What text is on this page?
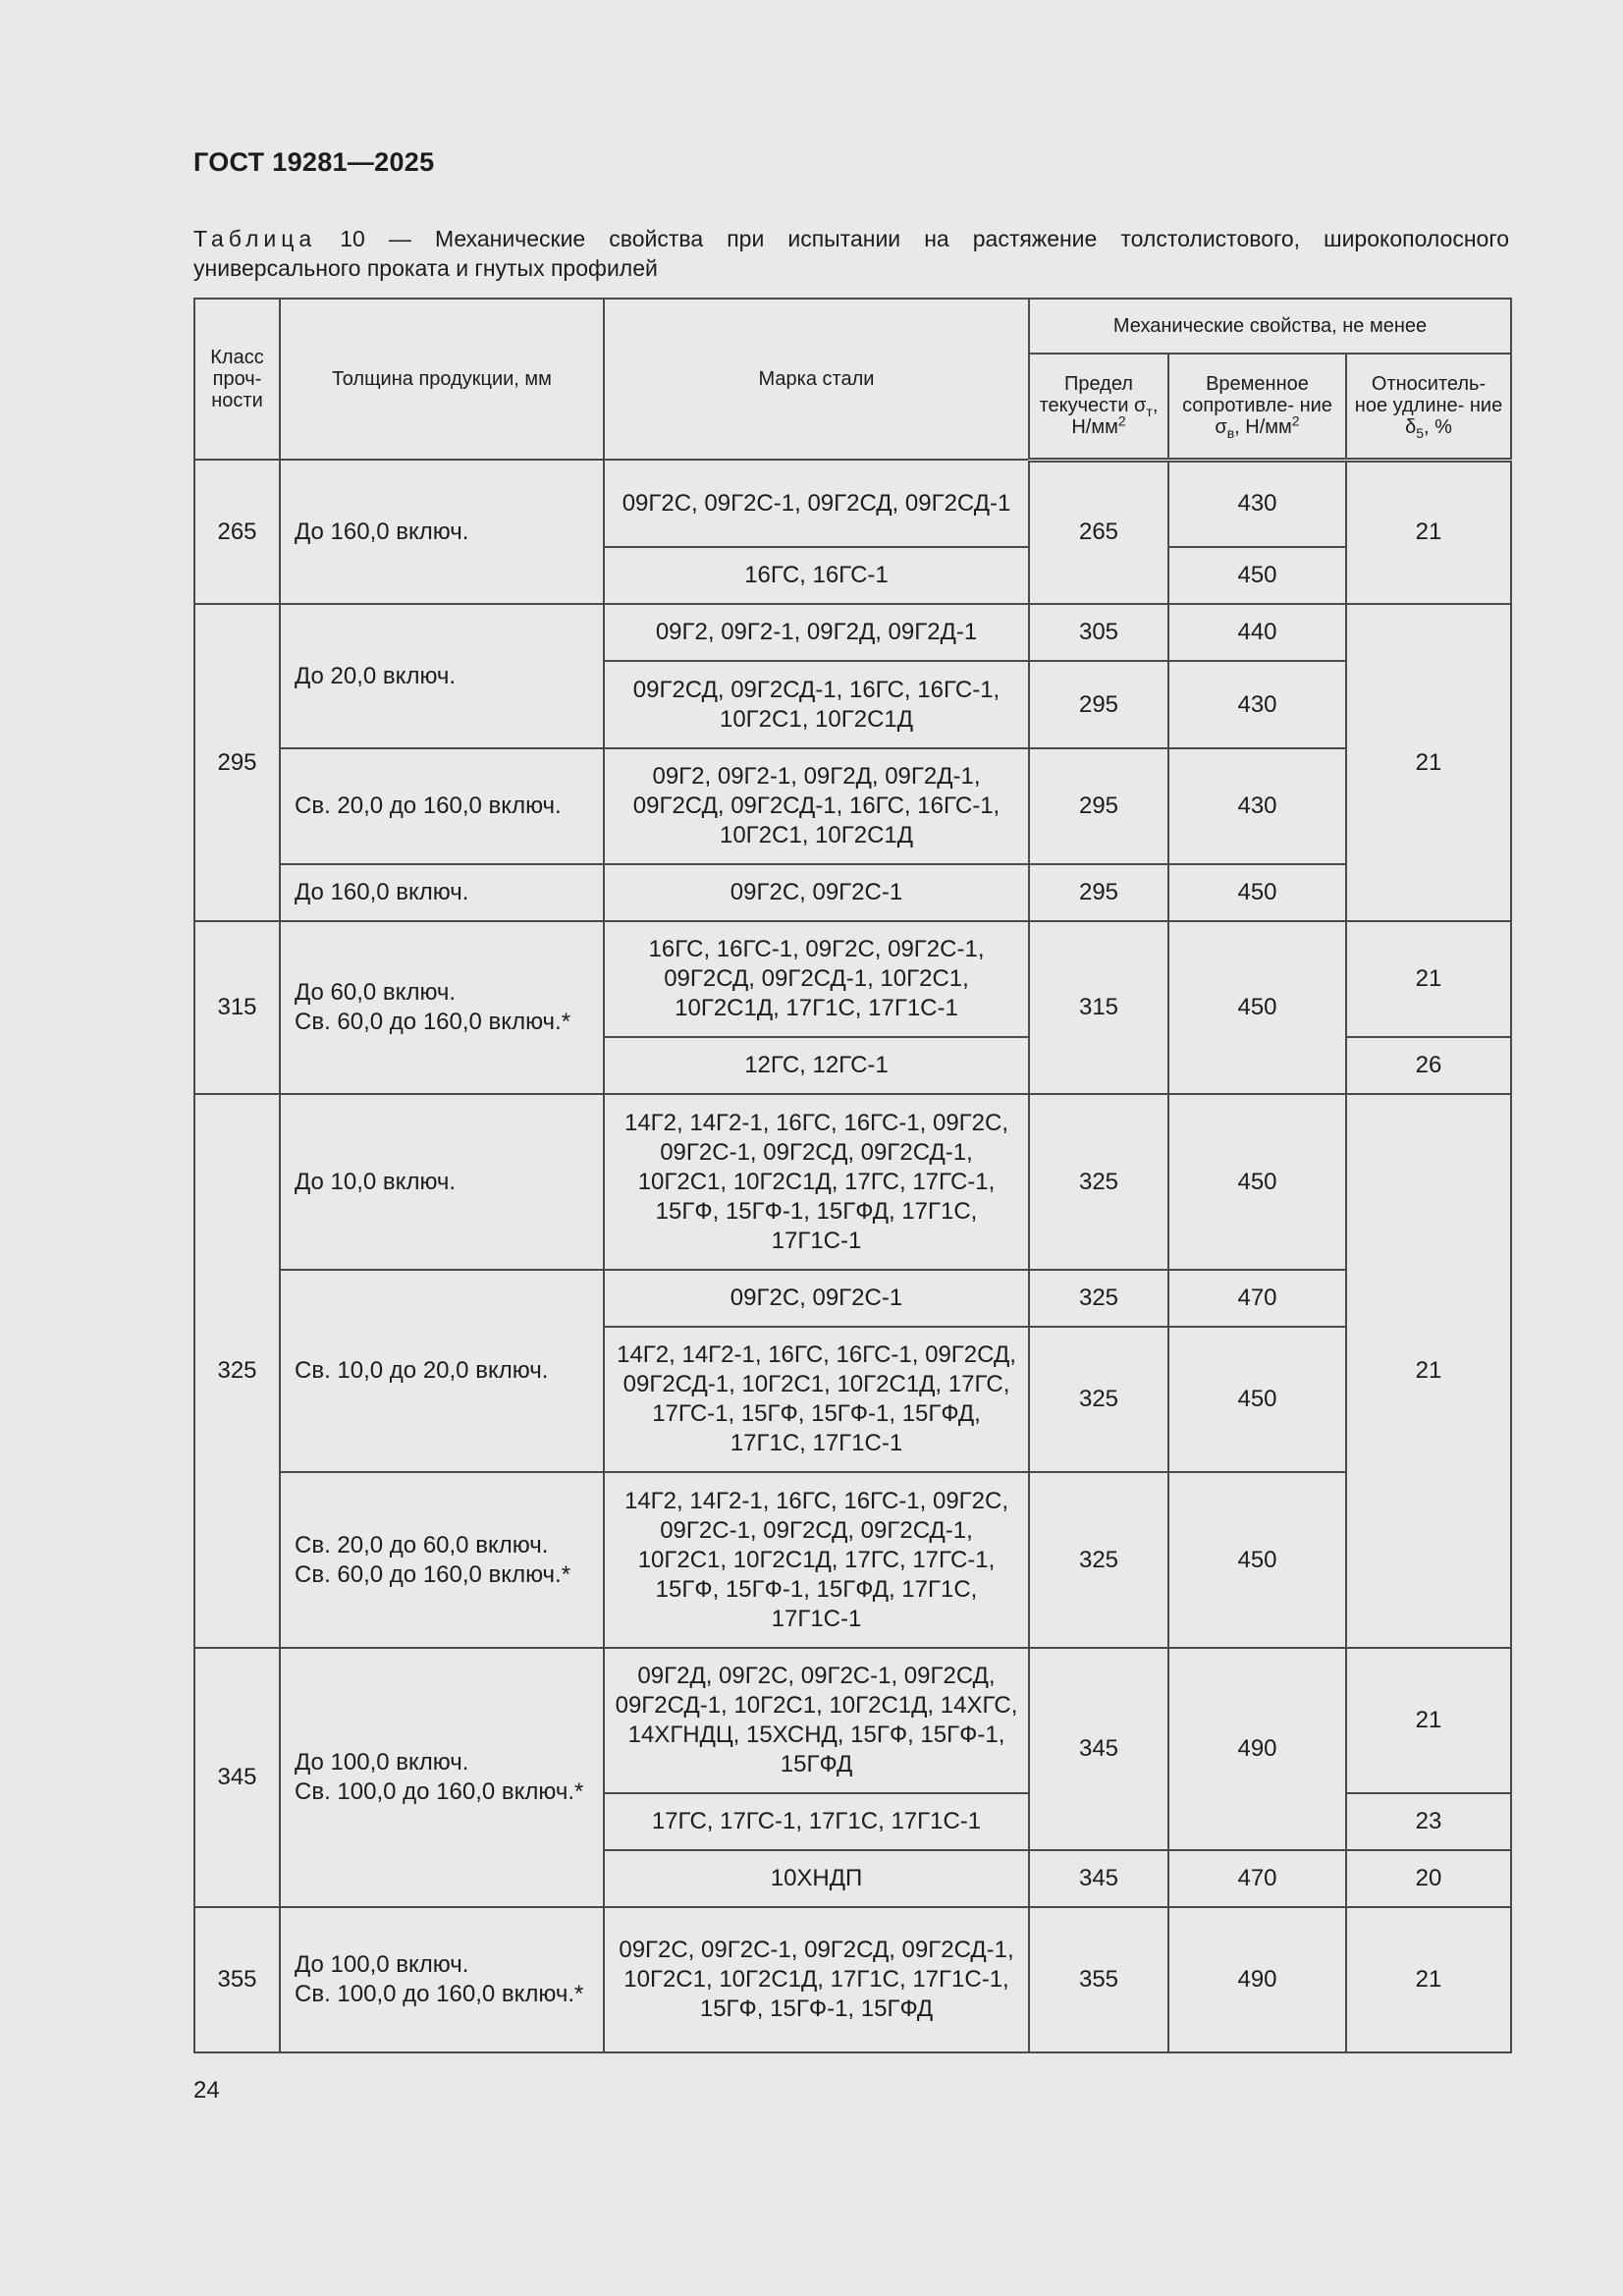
ГОСТ 19281—2025
Таблица 10 — Механические свойства при испытании на растяжение толстолистового, широкополосного универсального проката и гнутых профилей
Класс проч- ности	Толщина продукции, мм	Марка стали	Механические свойства, не менее		
			Предел текучести $\sigma_т$, $Н/мм^2$	Временное сопротивле- ние $\sigma_в$, $Н/мм^2$	Относитель- ное удлине- ние $\delta_5$, %
265	До 160,0 включ.	09Г2С, 09Г2С-1, 09Г2СД, 09Г2СД-1	265	430	21
		16ГС, 16ГС-1		450	
295	До 20,0 включ.	09Г2, 09Г2-1, 09Г2Д, 09Г2Д-1	305	440	21
		09Г2СД, 09Г2СД-1, 16ГС, 16ГС-1, 10Г2С1, 10Г2С1Д	295	430	
	Св. 20,0 до 160,0 включ.	09Г2, 09Г2-1, 09Г2Д, 09Г2Д-1, 09Г2СД, 09Г2СД-1, 16ГС, 16ГС-1, 10Г2С1, 10Г2С1Д	295	430	
	До 160,0 включ.	09Г2С, 09Г2С-1	295	450	
315	До 60,0 включ.
Св. 60,0 до 160,0 включ.*	16ГС, 16ГС-1, 09Г2С, 09Г2С-1, 09Г2СД, 09Г2СД-1, 10Г2С1, 10Г2С1Д, 17Г1С, 17Г1С-1	315	450	21
		12ГС, 12ГС-1			26
325	До 10,0 включ.	14Г2, 14Г2-1, 16ГС, 16ГС-1, 09Г2С, 09Г2С-1, 09Г2СД, 09Г2СД-1, 10Г2С1, 10Г2С1Д, 17ГС, 17ГС-1, 15ГФ, 15ГФ-1, 15ГФД, 17Г1С, 17Г1С-1	325	450	21
	Св. 10,0 до 20,0 включ.	09Г2С, 09Г2С-1	325	470	
		14Г2, 14Г2-1, 16ГС, 16ГС-1, 09Г2СД, 09Г2СД-1, 10Г2С1, 10Г2С1Д, 17ГС, 17ГС-1, 15ГФ, 15ГФ-1, 15ГФД, 17Г1С, 17Г1С-1	325	450	
	Св. 20,0 до 60,0 включ.
Св. 60,0 до 160,0 включ.*	14Г2, 14Г2-1, 16ГС, 16ГС-1, 09Г2С, 09Г2С-1, 09Г2СД, 09Г2СД-1, 10Г2С1, 10Г2С1Д, 17ГС, 17ГС-1, 15ГФ, 15ГФ-1, 15ГФД, 17Г1С, 17Г1С-1	325	450	
345	До 100,0 включ.
Св. 100,0 до 160,0 включ.*	09Г2Д, 09Г2С, 09Г2С-1, 09Г2СД, 09Г2СД-1, 10Г2С1, 10Г2С1Д, 14ХГС, 14ХГНДЦ, 15ХСНД, 15ГФ, 15ГФ-1, 15ГФД	345	490	21
		17ГС, 17ГС-1, 17Г1С, 17Г1С-1			23
		10ХНДП	345	470	20
355	До 100,0 включ.
Св. 100,0 до 160,0 включ.*	09Г2С, 09Г2С-1, 09Г2СД, 09Г2СД-1, 10Г2С1, 10Г2С1Д, 17Г1С, 17Г1С-1, 15ГФ, 15ГФ-1, 15ГФД	355	490	21
24
